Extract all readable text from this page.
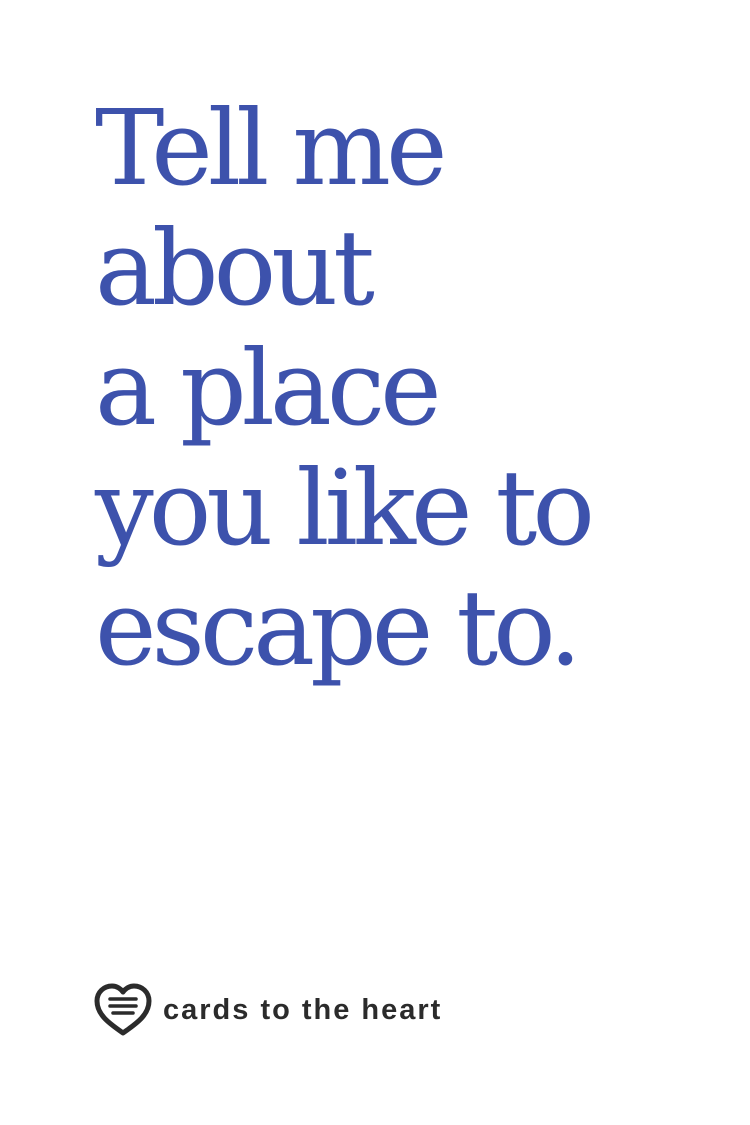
Tell me
about
a place
you like to
escape to.
cards to the heart
